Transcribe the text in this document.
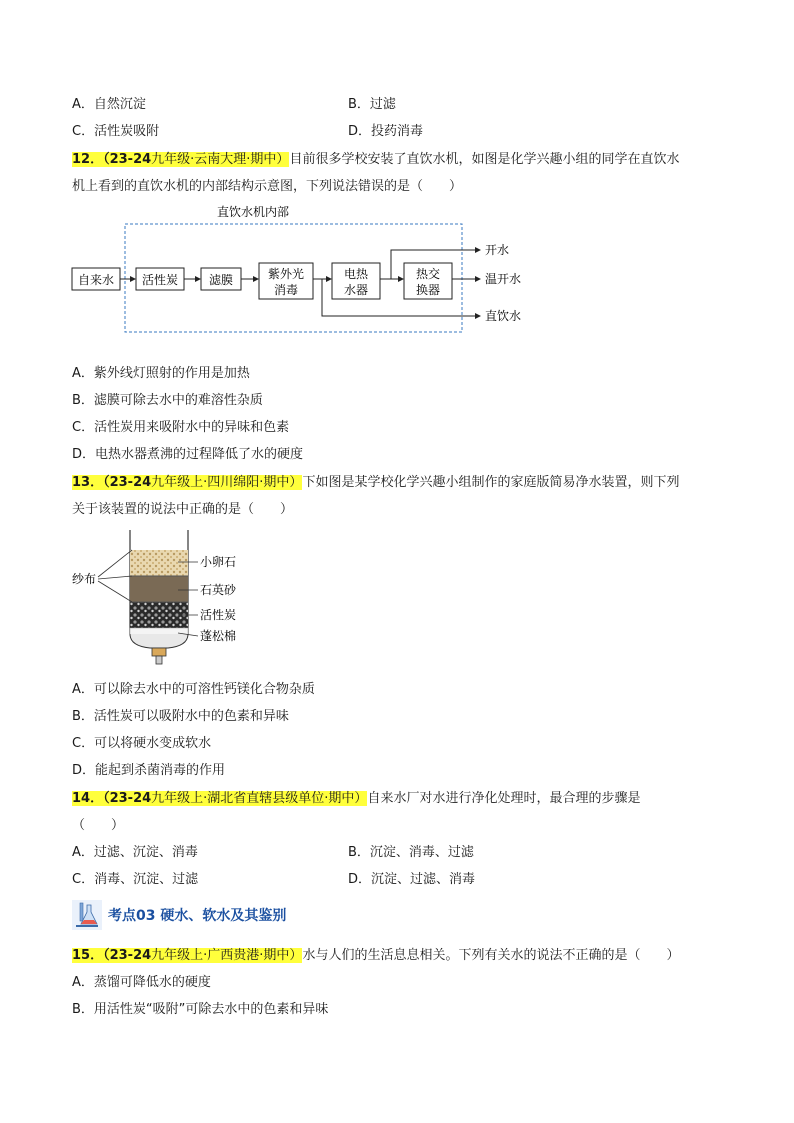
A．自然沉淀	B．过滤
C．活性炭吸附	D．投药消毒
12．（23-24九年级·云南大理·期中）目前很多学校安装了直饮水机，如图是化学兴趣小组的同学在直饮水
机上看到的直饮水机的内部结构示意图，下列说法错误的是（　　）
直饮水机内部
自来水 活性炭	滤膜	紫外光
消毒
电热
水器
热交
换器
开水
温开水
直饮水
A．紫外线灯照射的作用是加热
B．滤膜可除去水中的难溶性杂质
C．活性炭用来吸附水中的异味和色素
D．电热水器煮沸的过程降低了水的硬度
13．（23-24九年级上·四川绵阳·期中）下如图是某学校化学兴趣小组制作的家庭版简易净水装置，则下列
关于该装置的说法中正确的是（　　）
纱布
小卵石
石英砂
活性炭
蓬松棉
A．可以除去水中的可溶性钙镁化合物杂质
B．活性炭可以吸附水中的色素和异味
C．可以将硬水变成软水
D．能起到杀菌消毒的作用
14．（23-24九年级上·湖北省直辖县级单位·期中）自来水厂对水进行净化处理时，最合理的步骤是
（　　）
A．过滤、沉淀、消毒	B．沉淀、消毒、过滤
C．消毒、沉淀、过滤	D．沉淀、过滤、消毒
考点03 硬水、软水及其鉴别
15．（23-24九年级上·广西贵港·期中）水与人们的生活息息相关。下列有关水的说法不正确的是（　　）
A．蒸馏可降低水的硬度
B．用活性炭“吸附”可除去水中的色素和异味
